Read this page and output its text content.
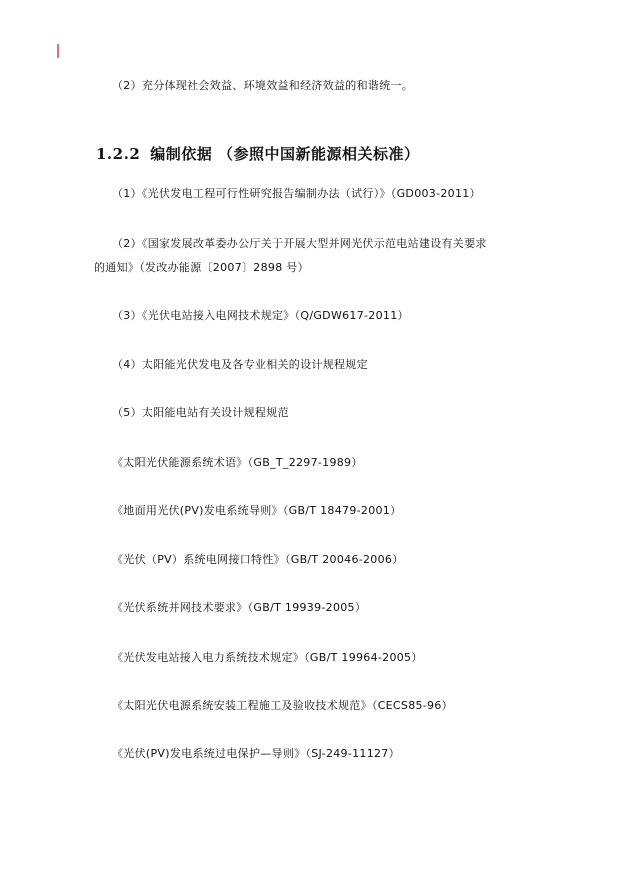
（2）充分体现社会效益、环境效益和经济效益的和谐统一。
1.2.2 编制依据 （参照中国新能源相关标准）
（1）《光伏发电工程可行性研究报告编制办法（试行）》（GD003-2011）
（2）《国家发展改革委办公厅关于开展大型并网光伏示范电站建设有关要求
的通知》（发改办能源〔2007〕2898 号）
（3）《光伏电站接入电网技术规定》（Q/GDW617-2011）
（4）太阳能光伏发电及各专业相关的设计规程规定
（5）太阳能电站有关设计规程规范
《太阳光伏能源系统术语》（GB_T_2297-1989）
《地面用光伏(PV)发电系统导则》（GB/T 18479-2001）
《光伏（PV）系统电网接口特性》（GB/T 20046-2006）
《光伏系统并网技术要求》（GB/T 19939-2005）
《光伏发电站接入电力系统技术规定》（GB/T 19964-2005）
《太阳光伏电源系统安装工程施工及验收技术规范》（CECS85-96）
《光伏(PV)发电系统过电保护—导则》（SJ-249-11127）
